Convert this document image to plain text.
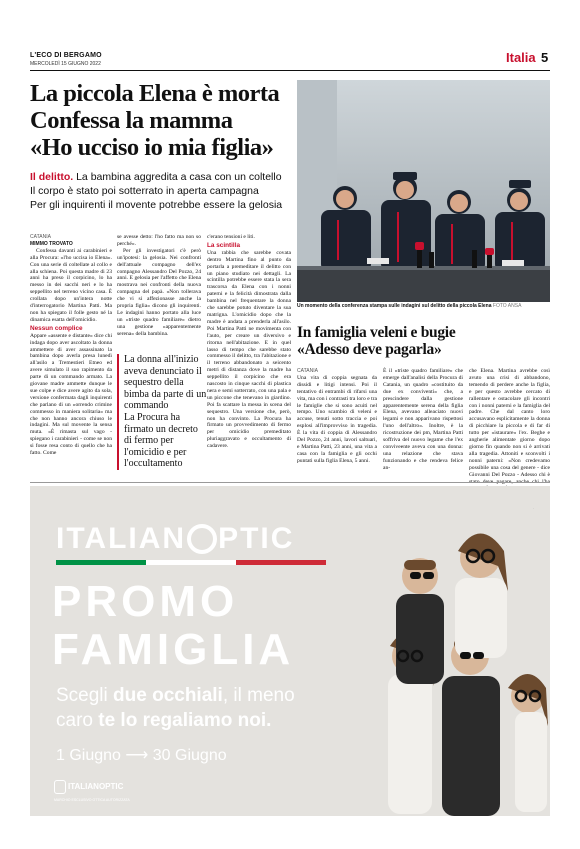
L'ECO DI BERGAMO
MERCOLEDÌ 15 GIUGNO 2022	Italia 5
La piccola Elena è morta
Confessa la mamma
«Ho ucciso io mia figlia»
Il delitto. La bambina aggredita a casa con un coltello
Il corpo è stato poi sotterrato in aperta campagna
Per gli inquirenti il movente potrebbe essere la gelosia
Un momento della conferenza stampa sulle indagini sul delitto della piccola Elena FOTO ANSA
CATANIA
MIMMO TROVATO

Confessa davanti ai carabinieri e alla Procura: «l'ho uccisa io Elena». Con una serie di coltellate al collo e alla schiena. Poi questa madre di 23 anni ha preso il corpicino, lo ha messo in dei sacchi neri e lo ha seppellito nel terreno vicino casa. È crollata dopo un'intera notte d'interrogatorio Martina Patti. Ma non ha spiegato il folle gesto né la dinamica esatta dell'omicidio.

Nessun complice

Appare «assente e distante» dice chi indaga dopo aver ascoltato la donna ammettere di aver assassinato la bambina dopo averla presa lunedì all'asilo a Tremestieri Etneo ed avere simulato il suo rapimento da parte di un commando armato. La giovane madre ammette dunque le sue colpe e dice avere agito da sola, versione confermata dagli inquirenti che parlano di un «orrendo crimine commesso in maniera solitaria» ma che non hanno ancora chiuso le indagini. Ma sul movente la sensa muta. «È rimasta sul vago - spiegano i carabinieri - come se non si fosse resa conto di quello che ha fatto. Come

se avesse detto: l'ho fatto ma non so perché».

Per gli investigatori c'è però un'ipotesi: la gelosia. Nei confronti dell'attuale compagno dell'ex compagno Alessandro Del Pozzo, 24 anni. E gelosia per l'affetto che Elena mostrava nei confronti della nuova compagna del papà. «Non tollerava che vi si affezionasse anche la propria figlia» dicono gli inquirenti. Le indagini hanno portato alla luce un «triste quadro familiare» dietro una gestione «apparentemente serena» della bambina.

La donna all'inizio aveva denunciato il sequestro della bimba da parte di un commando
La Procura ha firmato un decreto di fermo per l'omicidio e per l'occultamento

c'erano tensioni e liti.

La scintilla

Una rabbia che sarebbe covata dentro Martina fino al punto da portarla a premeditare il delitto con un piano studiato nei dettagli. La scintilla potrebbe essere stata la sera trascorsa da Elena con i nonni paterni e la felicità dimostrata dalla bambina nel frequentare la donna che sarebbe potuto diventare la sua matrigna. L'omicidio dopo che la madre è andata a prenderla all'asilo. Poi Martina Patti ne movimenta con l'auto, per creare un diversivo e ritorna nell'abitazione. E in quel lasso di tempo che sarebbe stato commesso il delitto, tra l'abitazione e il terreno abbandonato a seicento metri di distanza dove la madre ha seppellito il corpicino che era nascosto in cinque sacchi di plastica nera e semi sotterrato, con una pala e un piccone che tenevano in giardino. Poi fa scattare la messa in scena del sequestro. Una versione che, però, non ha convinto. La Procura ha firmato un provvedimento di fermo per omicidio premeditato pluriaggravato e occultamento di cadavere.

In famiglia veleni e bugie
«Adesso deve pagarla»
CATANIA

Una vita di coppia segnata da dissidi e litigi intensi. Poi il tentativo di entrambi di rifarsi una vita, ma con i contrasti tra loro e tra le famiglie che si sono acuiti nel tempo. Uno scambio di veleni e accuse, tenuti sotto traccia e poi esplosi all'improvviso in tragedia. È la vita di coppia di Alessandro Del Pozzo, 24 anni, lavori saltuari, e Martina Patti, 23 anni, una vita a casa con la famiglia e gli occhi puntati sulla figlia Elena, 5 anni.

È il «triste quadro familiare» che emerge dall'analisi della Procura di Catania, un quadro «costituito da due ex conviventi» che, a prescindere dalla gestione apparentemente serena della figlia Elena, avevano alleaciato nuovi legami e non apparivano rispettosi l'uno dell'altro». Inoltre, è la ricostruzione dei pm, Martina Patti soffriva del nuovo legame che l'ex conviveente aveva con una donna: una relazione che stava funzionando e che rendeva felice an-

che Elena. Martina avrebbe così avuto una crisi di abbandono, temendo di perdere anche la figlia, e per questo avrebbe cercato di rallentare e ostacolare gli incontri con i nonni paterni e la famiglia del padre. Che dal canto loro accusavano esplicitamente la donna di picchiare la piccola e di far di tutto per «istaurare» l'ex. Beghe e angherie alimentate giorno dopo giorno fin quando non si è arrivati alla tragedia. Attoniti e sconvolti i nonni paterni: «Non credevamo possibile una cosa del genere - dice Giovanni Del Pozzo - Adesso chi è

ITALIAN PTIC
PROMO
FAMIGLIA
Scegli due occhiali, il meno
caro te lo regaliamo noi.
1 Giugno ⟶ 30 Giugno
ITALIANOPTIC
MARCHIO ESCLUSIVO OTTICA AUTORIZZATA
·
